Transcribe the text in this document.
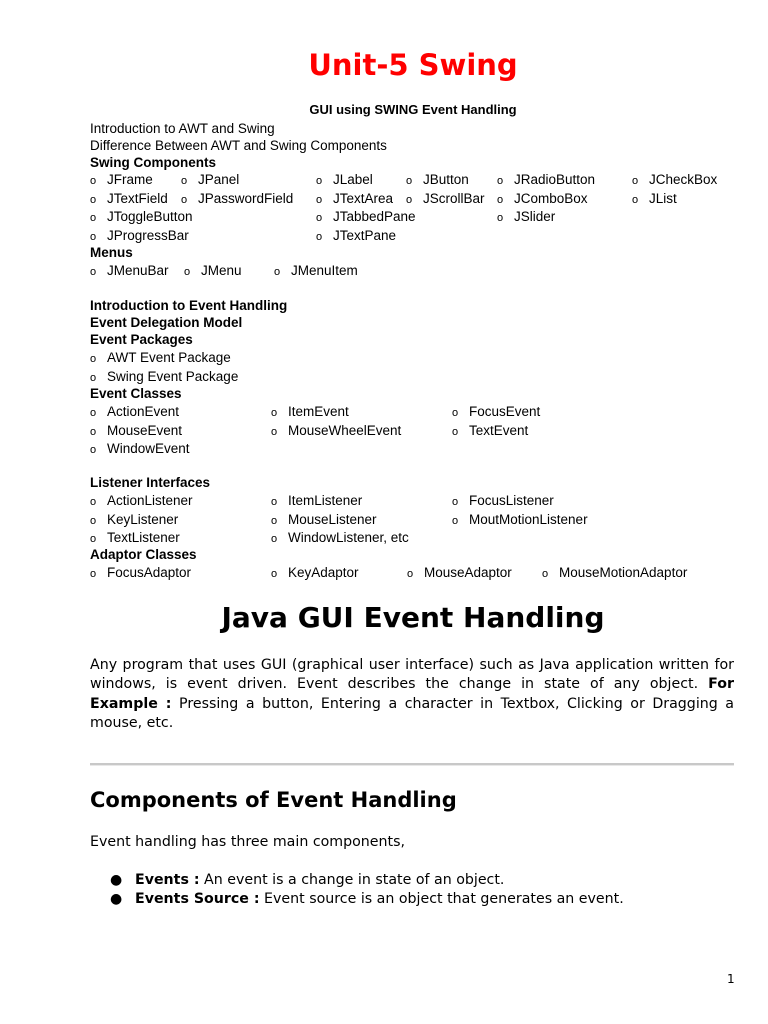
Unit-5 Swing
GUI using SWING Event Handling
Introduction to AWT and Swing
Difference Between AWT and Swing Components
Swing Components
o JFrame	o JPanel	o JLabel	o JButton	o JRadioButton	o JCheckBox
o JTextField o JPasswordField o JTextArea o JScrollBar o JComboBox	o JList
o JToggleButton	o JTabbedPane	o JSlider
o JProgressBar	o JTextPane
Menus
o JMenuBar o JMenu	o JMenuItem
Introduction to Event Handling
Event Delegation Model
Event Packages
o AWT Event Package
o Swing Event Package
Event Classes
o ActionEvent	o ItemEvent	o FocusEvent
o MouseEvent	o MouseWheelEvent	o TextEvent
o WindowEvent
Listener Interfaces
o ActionListener	o ItemListener	o FocusListener
o KeyListener	o MouseListener	o MoutMotionListener
o TextListener	o WindowListener, etc
Adaptor Classes
o FocusAdaptor	o KeyAdaptor	o MouseAdaptor	o MouseMotionAdaptor
Java GUI Event Handling

Any program that uses GUI (graphical user interface) such as Java application written for windows, is event driven. Event describes the change in state of any object. For Example : Pressing a button, Entering a character in Textbox, Clicking or Dragging a mouse, etc.

Components of Event Handling
Event handling has three main components,
● Events : An event is a change in state of an object.
● Events Source : Event source is an object that generates an event.
1
